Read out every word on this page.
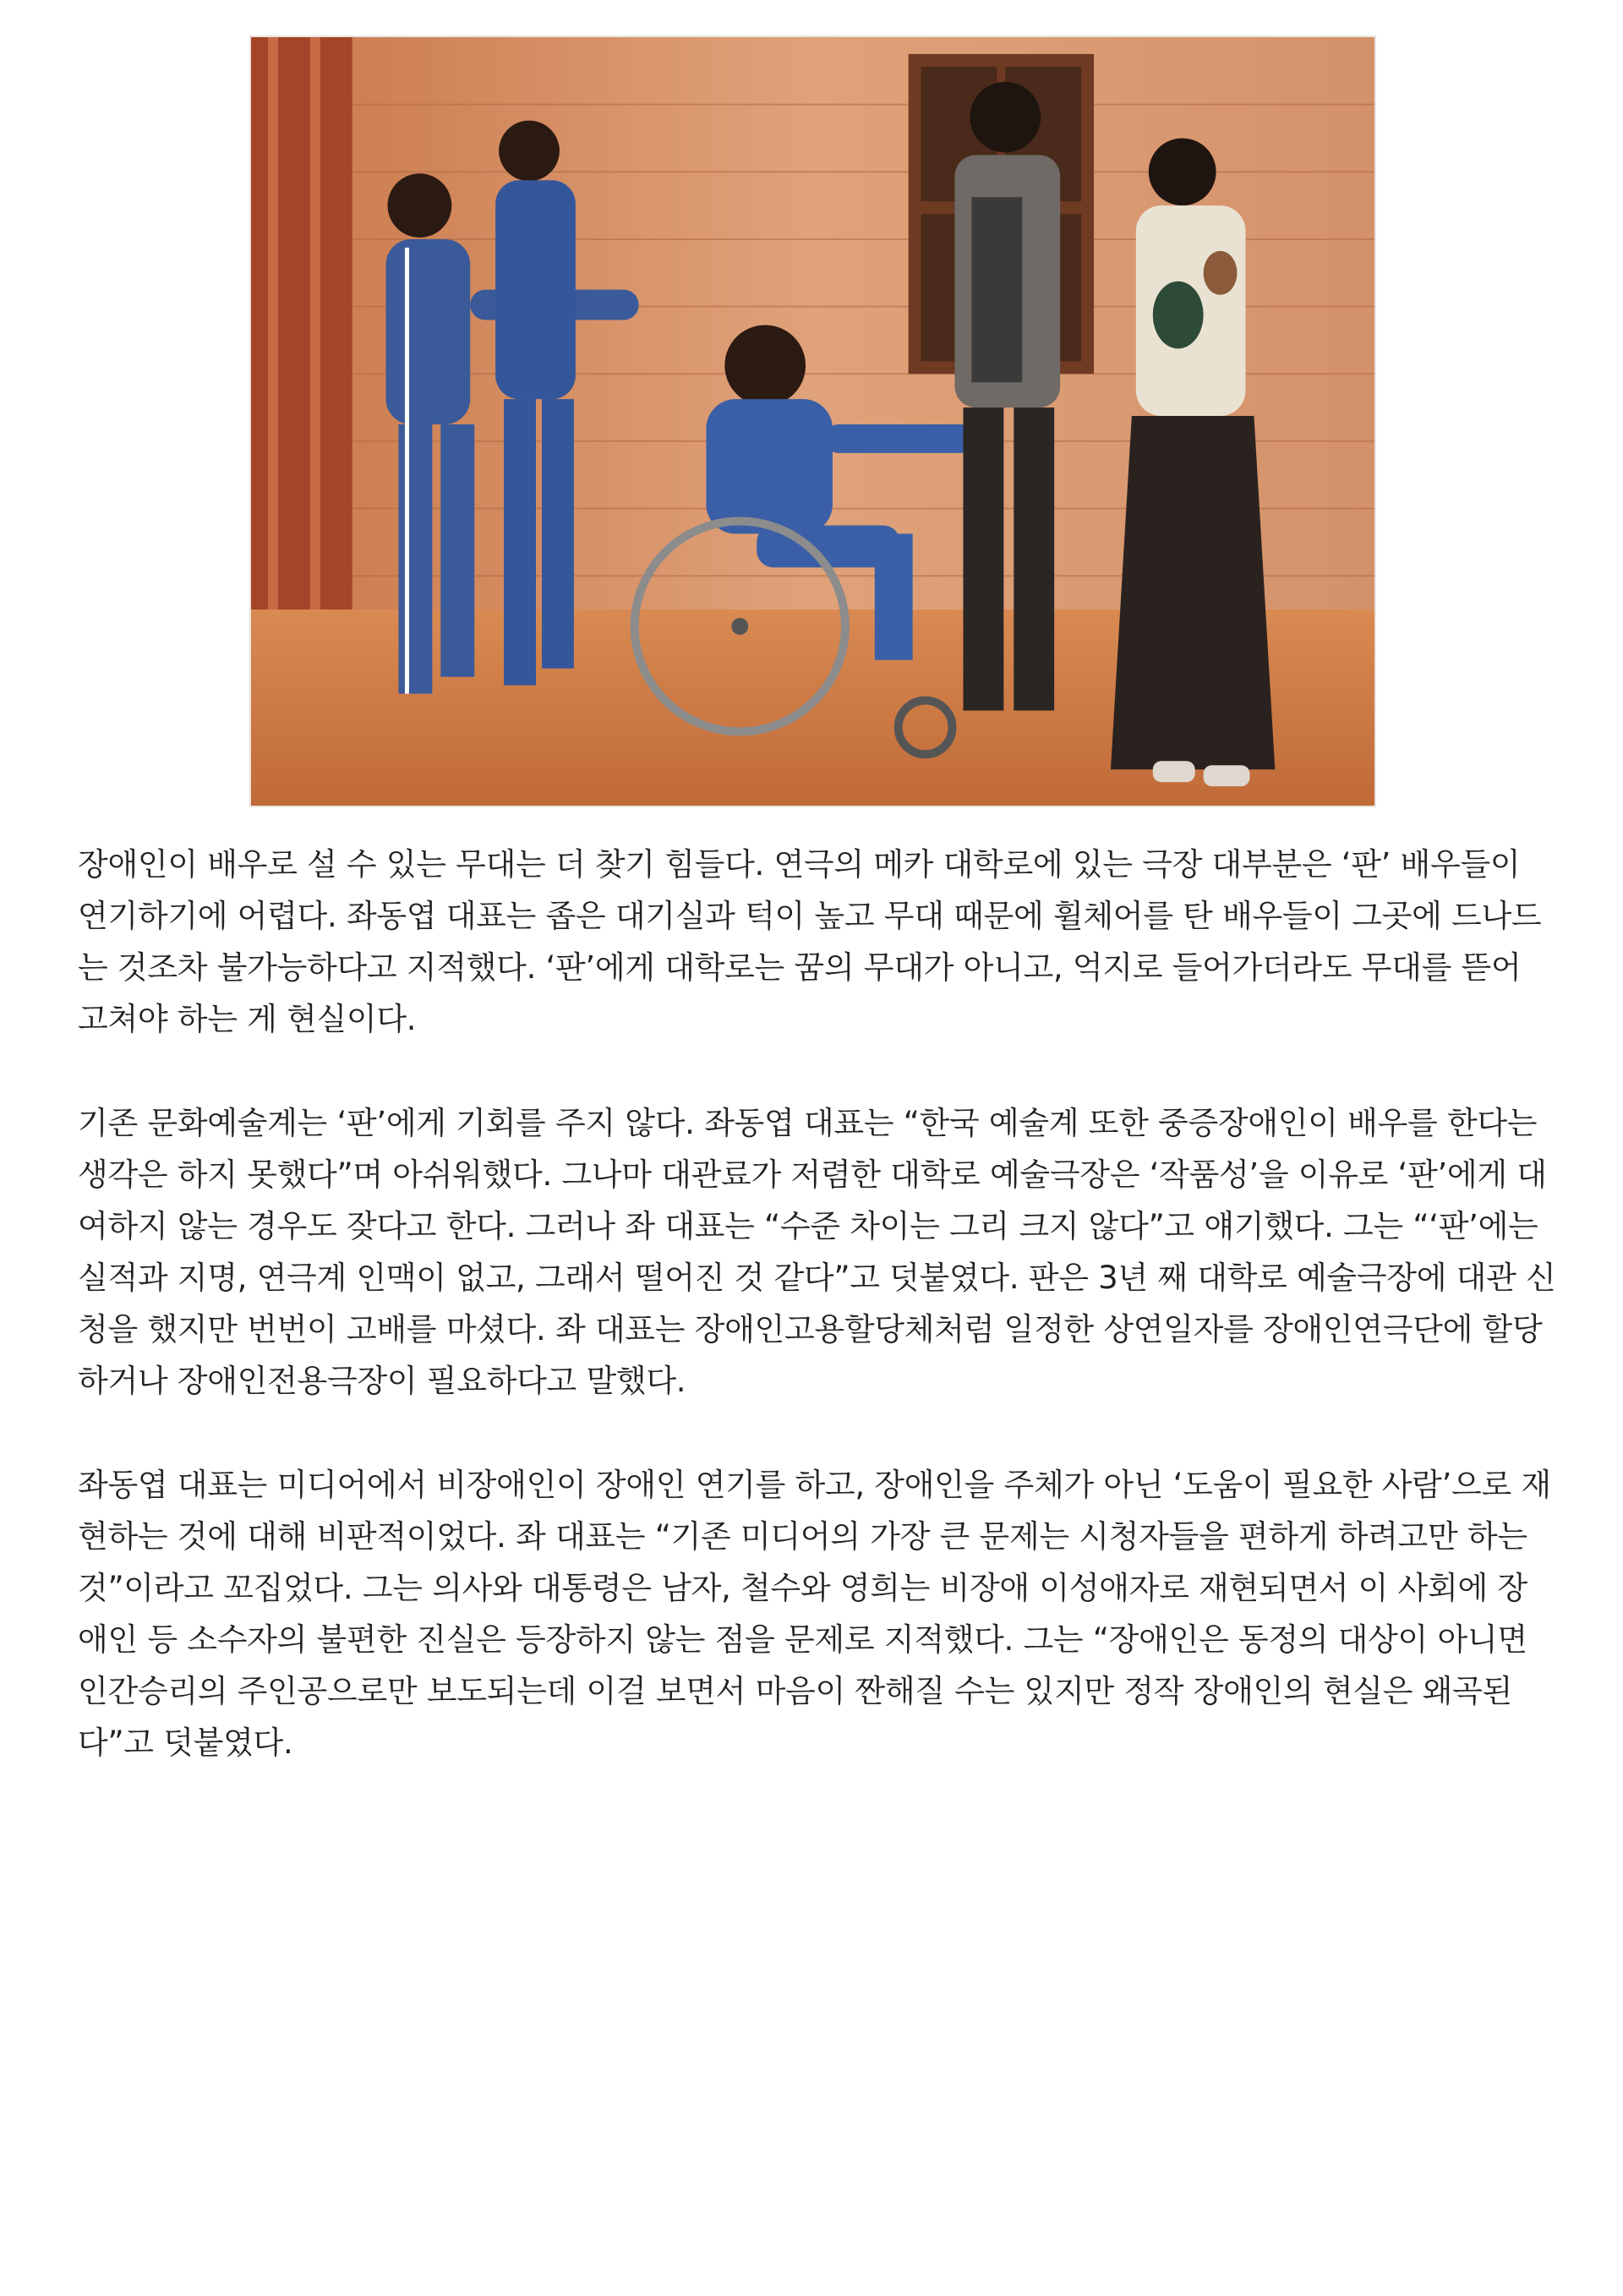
장애인이 배우로 설 수 있는 무대는 더 찾기 힘들다. 연극의 메카 대학로에 있는 극장 대부분은 ‘판’ 배우들이 연기하기에 어렵다. 좌동엽 대표는 좁은 대기실과 턱이 높고 무대 때문에 휠체어를 탄 배우들이 그곳에 드나드는 것조차 불가능하다고 지적했다. ‘판’에게 대학로는 꿈의 무대가 아니고, 억지로 들어가더라도 무대를 뜯어 고쳐야 하는 게 현실이다.

기존 문화예술계는 ‘판’에게 기회를 주지 않다. 좌동엽 대표는 “한국 예술계 또한 중증장애인이 배우를 한다는 생각은 하지 못했다”며 아쉬워했다. 그나마 대관료가 저렴한 대학로 예술극장은 ‘작품성’을 이유로 ‘판’에게 대여하지 않는 경우도 잦다고 한다. 그러나 좌 대표는 “수준 차이는 그리 크지 않다”고 얘기했다. 그는 “‘판’에는 실적과 지명, 연극계 인맥이 없고, 그래서 떨어진 것 같다”고 덧붙였다. 판은 3년 째 대학로 예술극장에 대관 신청을 했지만 번번이 고배를 마셨다. 좌 대표는 장애인고용할당체처럼 일정한 상연일자를 장애인연극단에 할당하거나 장애인전용극장이 필요하다고 말했다.

좌동엽 대표는 미디어에서 비장애인이 장애인 연기를 하고, 장애인을 주체가 아닌 ‘도움이 필요한 사람’으로 재현하는 것에 대해 비판적이었다. 좌 대표는 “기존 미디어의 가장 큰 문제는 시청자들을 편하게 하려고만 하는 것”이라고 꼬집었다. 그는 의사와 대통령은 남자, 철수와 영희는 비장애 이성애자로 재현되면서 이 사회에 장애인 등 소수자의 불편한 진실은 등장하지 않는 점을 문제로 지적했다. 그는 “장애인은 동정의 대상이 아니면 인간승리의 주인공으로만 보도되는데 이걸 보면서 마음이 짠해질 수는 있지만 정작 장애인의 현실은 왜곡된다”고 덧붙였다.
